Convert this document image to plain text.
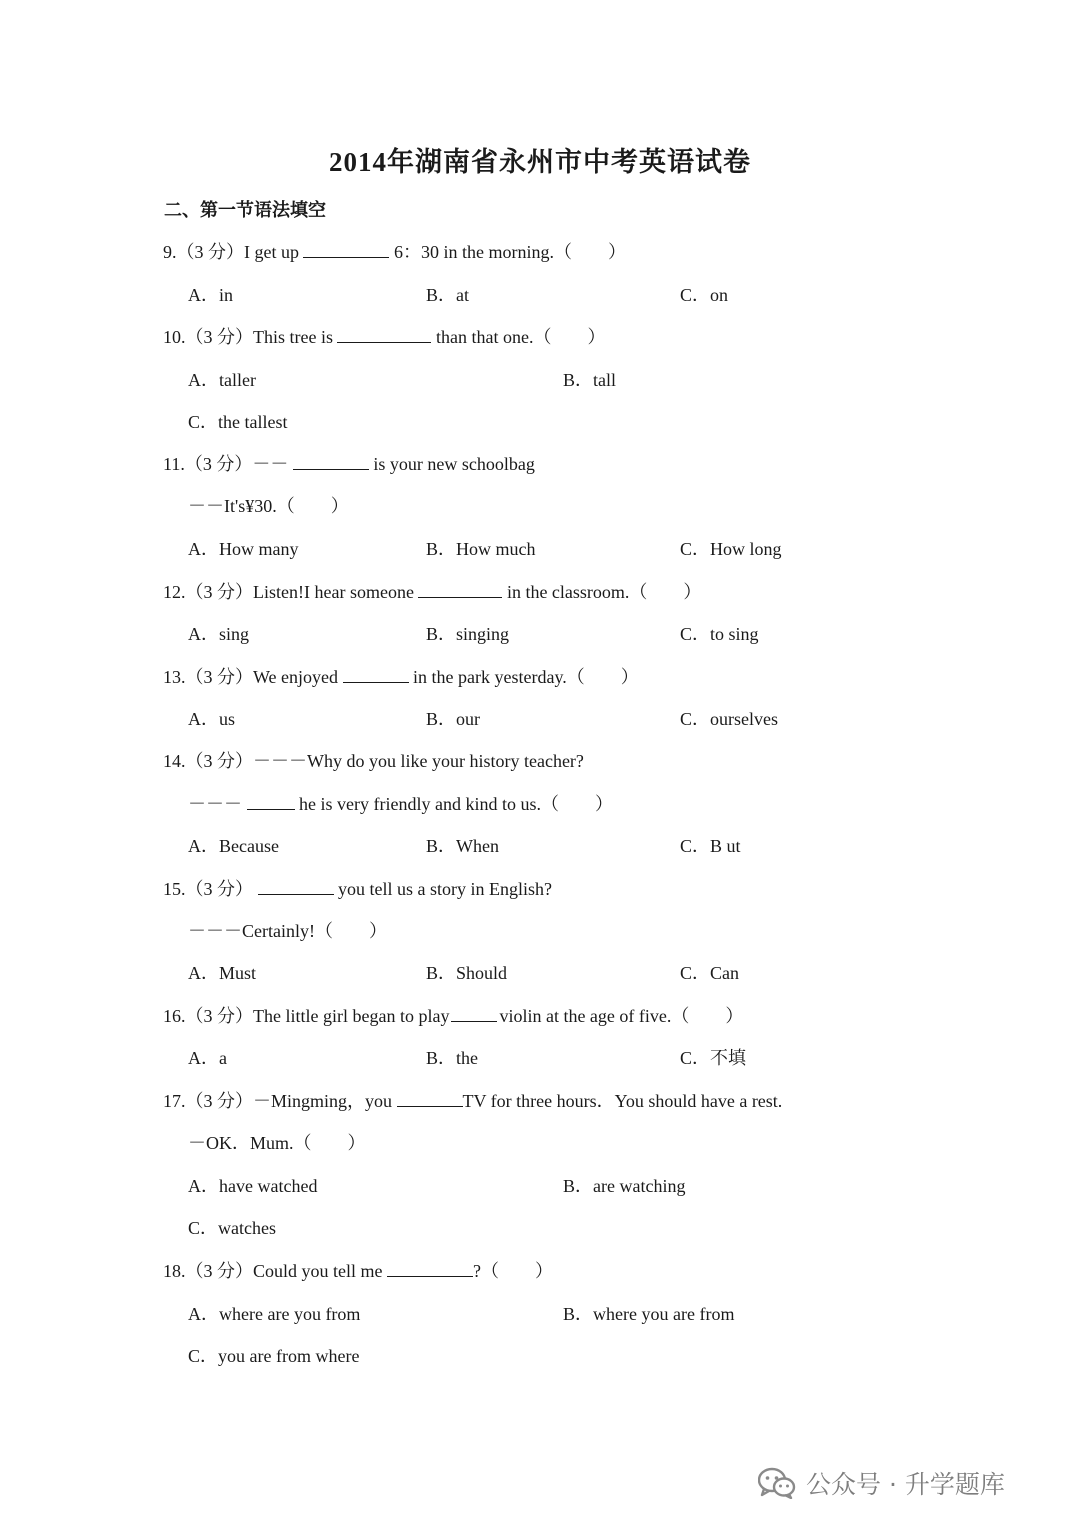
2014年湖南省永州市中考英语试卷
二、第一节语法填空
9.（3 分）I get up	6：30 in the morning.（　　）
A．in	B．at	C．on
10.（3 分）This tree is	than that one.（　　）
A．taller	B．tall
C．the tallest
11.（3 分）－－	is your new schoolbag
－－It's¥30.（　　）
A．How many	B．How much	C．How long
12.（3 分）Listen!I hear someone	in the classroom.（　　）
A．sing	B．singing	C．to sing
13.（3 分）We enjoyed	in the park yesterday.（　　）
A．us	B．our	C．ourselves
14.（3 分）－－－Why do you like your history teacher?
－－－	he is very friendly and kind to us.（　　）
A．Because	B．When	C．B ut
15.（3 分）	you tell us a story in English?
－－－Certainly!（　　）
A．Must	B．Should	C．Can
16.（3 分）The little girl began to play	violin at the age of five.（　　）
A．a	B．the	C．不填
17.（3 分）－Mingming，you	TV for three hours．You should have a rest.
－OK．Mum.（　　）
A．have watched	B．are watching
C．watches
18.（3 分）Could you tell me	?（　　）
A．where are you from	B．where you are from
C．you are from where
公众号 · 升学题库
